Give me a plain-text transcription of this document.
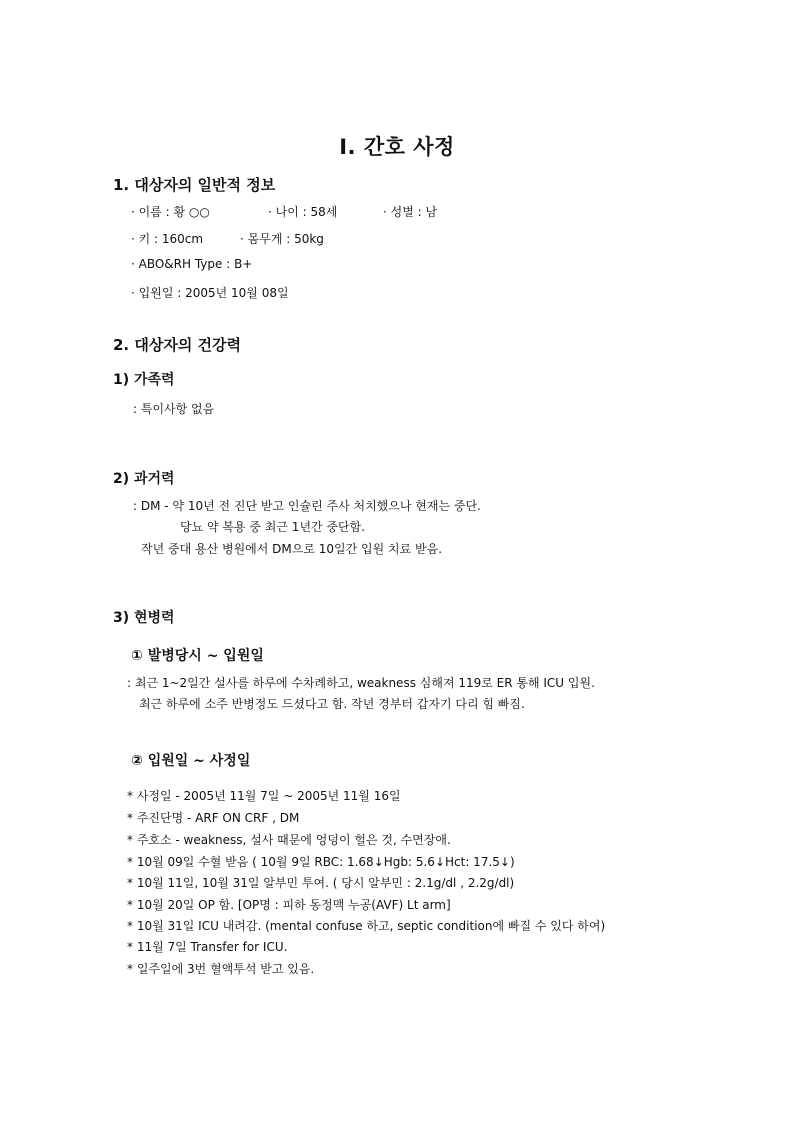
Ⅰ. 간호 사정
1. 대상자의 일반적 정보
· 이름 : 황 ○○	· 나이 : 58세	· 성별 : 남
· 키 : 160cm	· 몸무게 : 50kg
· ABO&RH Type : B+
· 입원일 : 2005년 10월 08일
2. 대상자의 건강력
1) 가족력
: 특이사항 없음
2) 과거력
: DM - 약 10년 전 진단 받고 인슐린 주사 처치했으나 현재는 중단.
당뇨 약 복용 중 최근 1년간 중단함.
작년 중대 용산 병원에서 DM으로 10일간 입원 치료 받음.
3) 현병력
① 발병당시 ~ 입원일
: 최근 1~2일간 설사를 하루에 수차례하고, weakness 심해져 119로 ER 통해 ICU 입원.
최근 하루에 소주 반병정도 드셨다고 함. 작년 경부터 갑자기 다리 힘 빠짐.
② 입원일 ~ 사정일
* 사정일 - 2005년 11월 7일 ~ 2005년 11월 16일
* 주진단명 - ARF ON CRF , DM
* 주호소 - weakness, 설사 때문에 엉덩이 헐은 것, 수면장애.
* 10월 09일 수혈 받음 ( 10월 9일 RBC: 1.68↓Hgb: 5.6↓Hct: 17.5↓)
* 10월 11일, 10월 31일 알부민 투여. ( 당시 알부민 : 2.1g/dl , 2.2g/dl)
* 10월 20일 OP 함. [OP명 : 피하 동정맥 누공(AVF) Lt arm]
* 10월 31일 ICU 내려감. (mental confuse 하고, septic condition에 빠질 수 있다 하여)
* 11월 7일 Transfer for ICU.
* 일주일에 3번 혈액투석 받고 있음.
